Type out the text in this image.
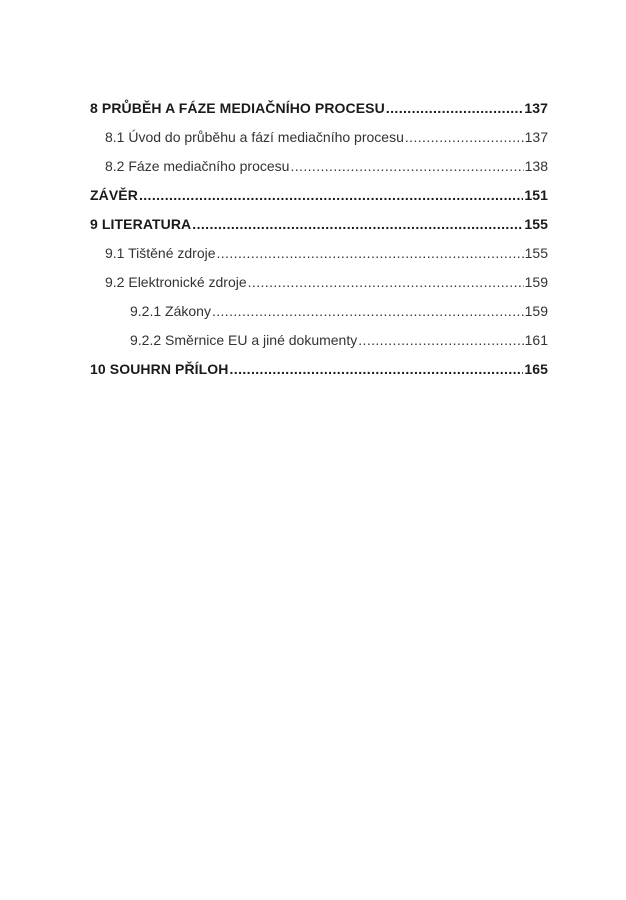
8 PRŮBĚH A FÁZE MEDIAČNÍHO PROCESU .....	137
8.1 Úvod do průběhu a fází mediačního procesu .....	137
8.2 Fáze mediačního procesu .....	138
ZÁVĚR .....	151
9 LITERATURA .....	155
9.1 Tištěné zdroje .....	155
9.2 Elektronické zdroje .....	159
9.2.1 Zákony .....	159
9.2.2 Směrnice EU a jiné dokumenty .....	161
10 SOUHRN PŘÍLOH .....	165
